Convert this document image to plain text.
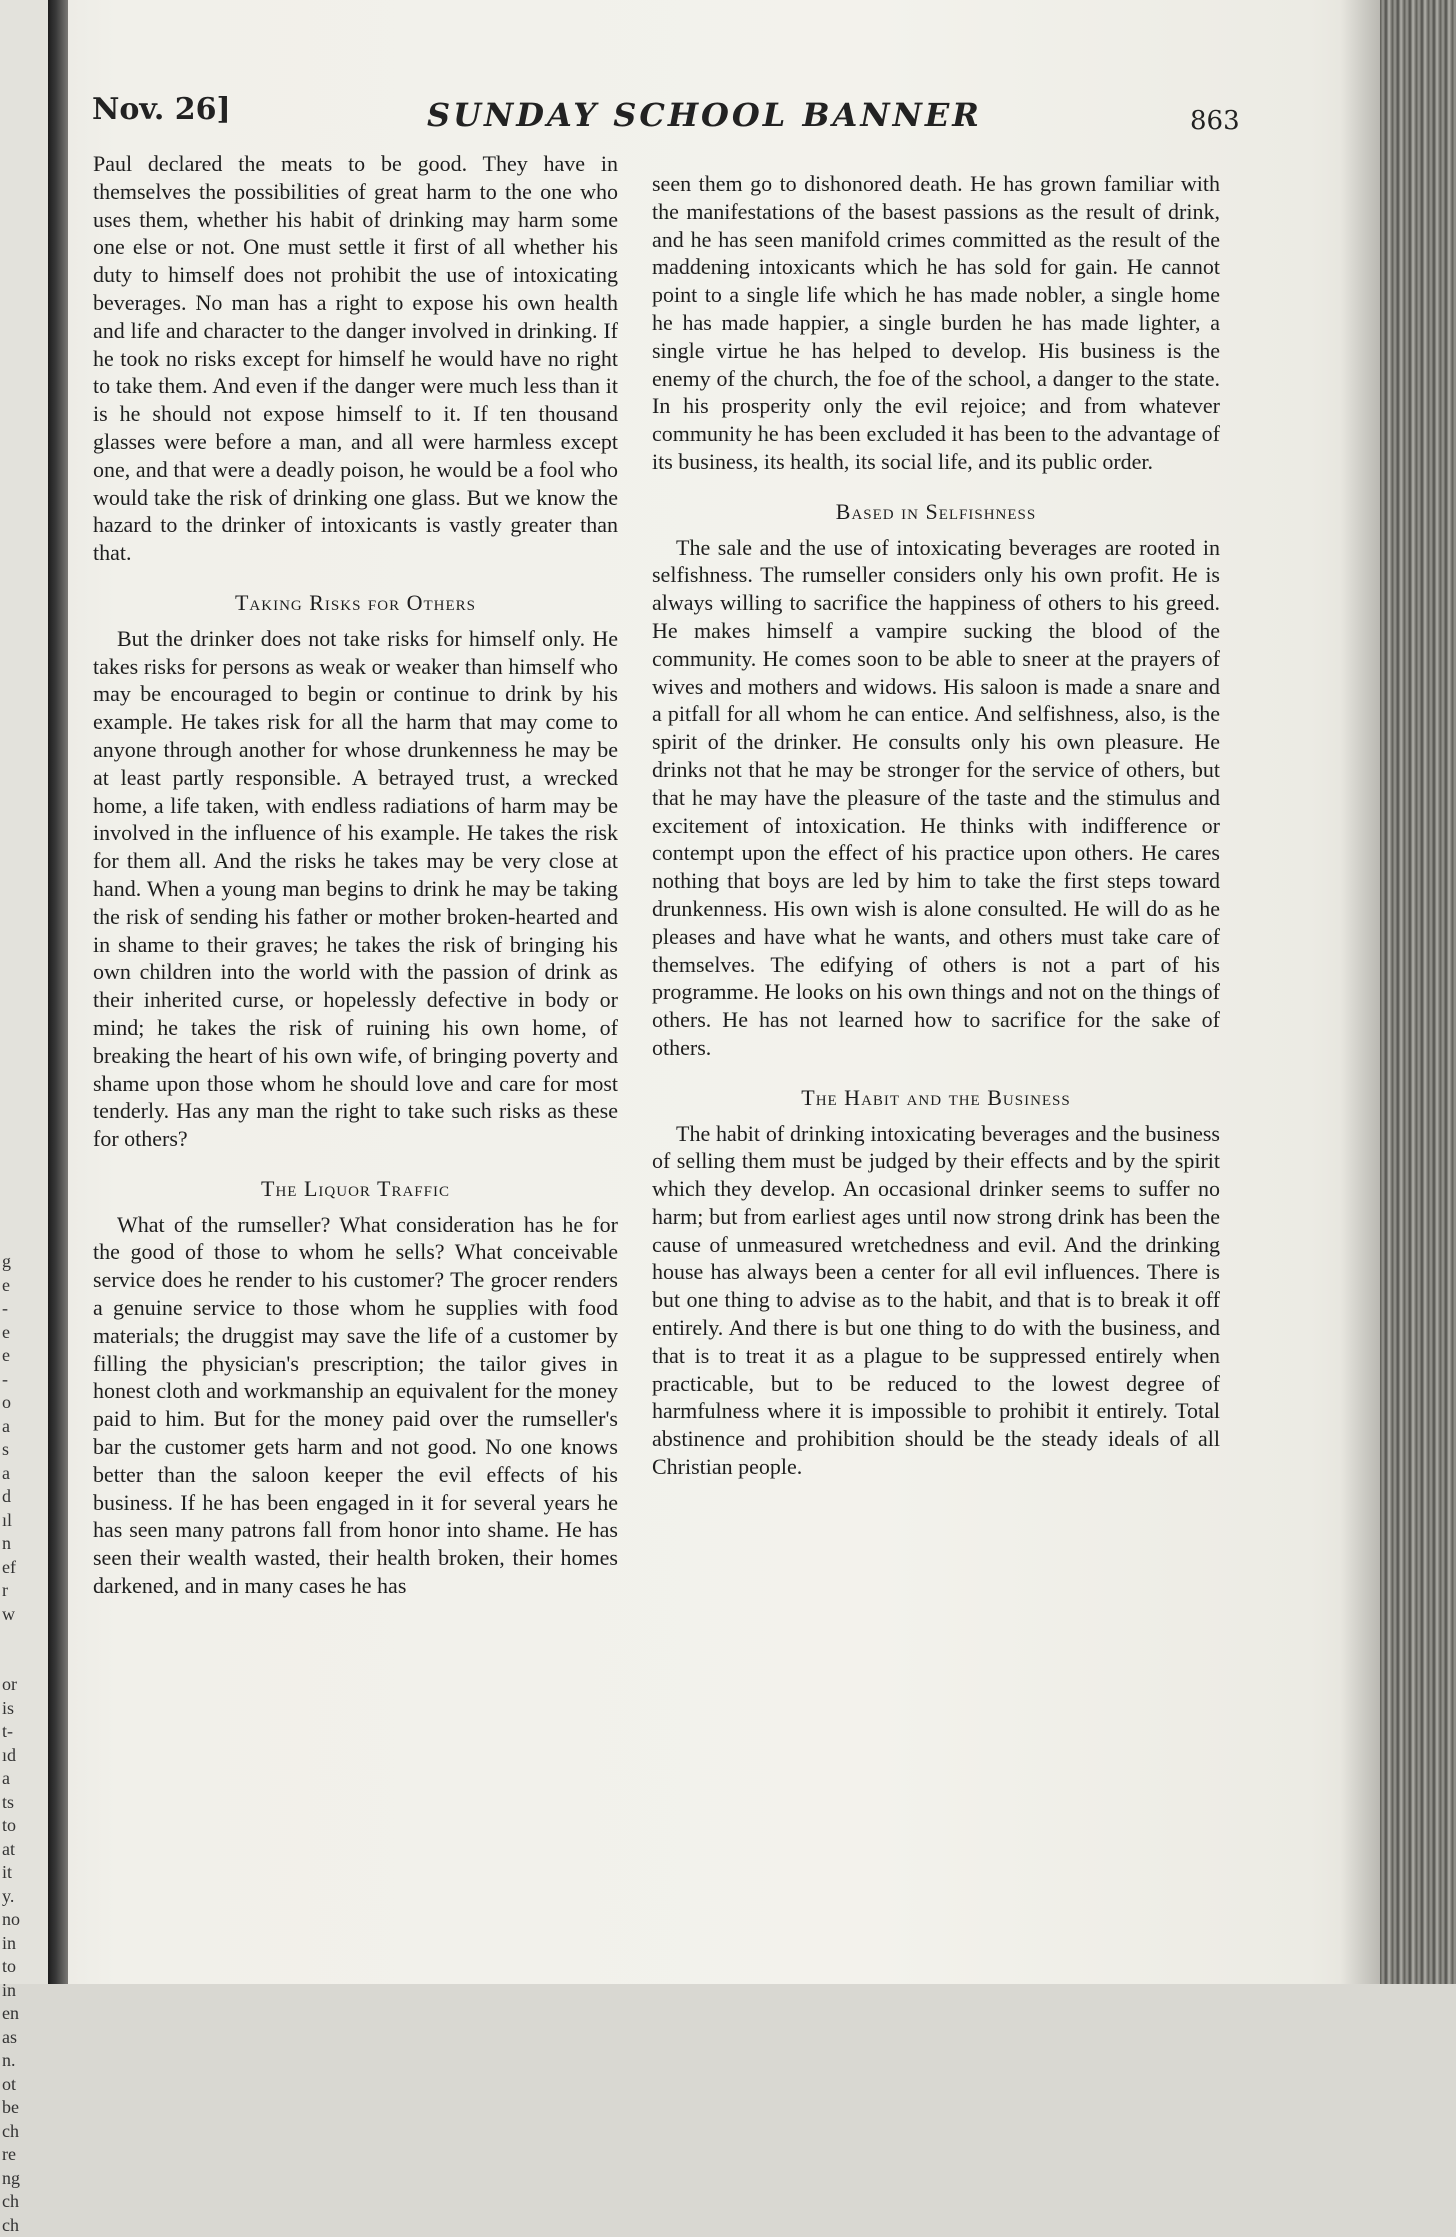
g
e
-
e
e
-
o
a
s
a
d
ıl
n
ef
r
w

or
is
t-
ıd
a
ts
to
at
it
y.
no
in
to
in
en
as
n.
ot
be
ch
re
ng
ch
ch
Nov. 26]	SUNDAY SCHOOL BANNER	863

Paul declared the meats to be good. They have in themselves the possibilities of great harm to the one who uses them, whether his habit of drinking may harm some one else or not. One must settle it first of all whether his duty to himself does not prohibit the use of intoxicating beverages. No man has a right to expose his own health and life and character to the danger involved in drinking. If he took no risks except for himself he would have no right to take them. And even if the danger were much less than it is he should not expose himself to it. If ten thousand glasses were before a man, and all were harmless except one, and that were a deadly poison, he would be a fool who would take the risk of drinking one glass. But we know the hazard to the drinker of intoxicants is vastly greater than that.

Taking Risks for Others

But the drinker does not take risks for himself only. He takes risks for persons as weak or weaker than himself who may be encouraged to begin or continue to drink by his example. He takes risk for all the harm that may come to anyone through another for whose drunkenness he may be at least partly responsible. A betrayed trust, a wrecked home, a life taken, with endless radiations of harm may be involved in the influence of his example. He takes the risk for them all. And the risks he takes may be very close at hand. When a young man begins to drink he may be taking the risk of sending his father or mother broken-hearted and in shame to their graves; he takes the risk of bringing his own children into the world with the passion of drink as their inherited curse, or hopelessly defective in body or mind; he takes the risk of ruining his own home, of breaking the heart of his own wife, of bringing poverty and shame upon those whom he should love and care for most tenderly. Has any man the right to take such risks as these for others?

The Liquor Traffic

What of the rumseller? What consideration has he for the good of those to whom he sells? What conceivable service does he render to his customer? The grocer renders a genuine service to those whom he supplies with food materials; the druggist may save the life of a customer by filling the physician's prescription; the tailor gives in honest cloth and workmanship an equivalent for the money paid to him. But for the money paid over the rumseller's bar the customer gets harm and not good. No one knows better than the saloon keeper the evil effects of his business. If he has been engaged in it for several years he has seen many patrons fall from honor into shame. He has seen their wealth wasted, their health broken, their homes darkened, and in many cases he has

seen them go to dishonored death. He has grown familiar with the manifestations of the basest passions as the result of drink, and he has seen manifold crimes committed as the result of the maddening intoxicants which he has sold for gain. He cannot point to a single life which he has made nobler, a single home he has made happier, a single burden he has made lighter, a single virtue he has helped to develop. His business is the enemy of the church, the foe of the school, a danger to the state. In his prosperity only the evil rejoice; and from whatever community he has been excluded it has been to the advantage of its business, its health, its social life, and its public order.

Based in Selfishness

The sale and the use of intoxicating beverages are rooted in selfishness. The rumseller considers only his own profit. He is always willing to sacrifice the happiness of others to his greed. He makes himself a vampire sucking the blood of the community. He comes soon to be able to sneer at the prayers of wives and mothers and widows. His saloon is made a snare and a pitfall for all whom he can entice. And selfishness, also, is the spirit of the drinker. He consults only his own pleasure. He drinks not that he may be stronger for the service of others, but that he may have the pleasure of the taste and the stimulus and excitement of intoxication. He thinks with indifference or contempt upon the effect of his practice upon others. He cares nothing that boys are led by him to take the first steps toward drunkenness. His own wish is alone consulted. He will do as he pleases and have what he wants, and others must take care of themselves. The edifying of others is not a part of his programme. He looks on his own things and not on the things of others. He has not learned how to sacrifice for the sake of others.

The Habit and the Business

The habit of drinking intoxicating beverages and the business of selling them must be judged by their effects and by the spirit which they develop. An occasional drinker seems to suffer no harm; but from earliest ages until now strong drink has been the cause of unmeasured wretchedness and evil. And the drinking house has always been a center for all evil influences. There is but one thing to advise as to the habit, and that is to break it off entirely. And there is but one thing to do with the business, and that is to treat it as a plague to be suppressed entirely when practicable, but to be reduced to the lowest degree of harmfulness where it is impossible to prohibit it entirely. Total abstinence and prohibition should be the steady ideals of all Christian people.
